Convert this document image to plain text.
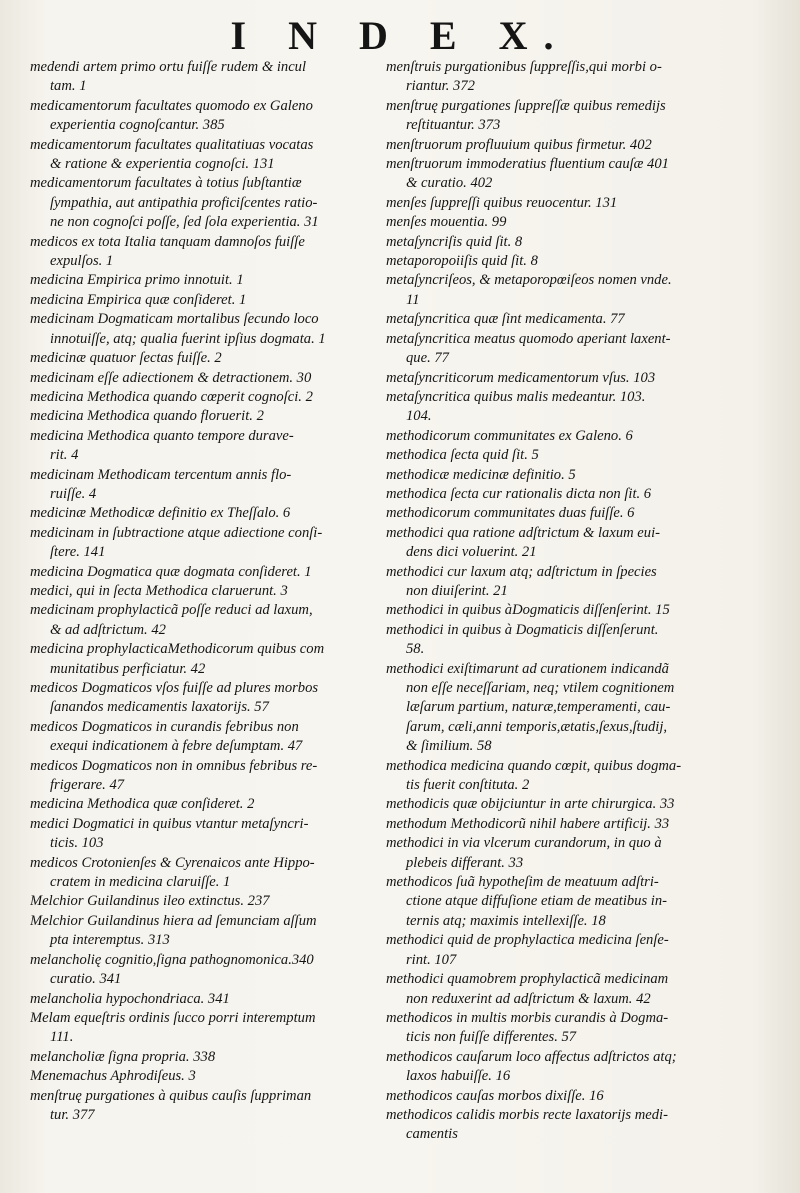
I N D E X.
medendi artem primo ortu fuiſſe rudem & incul
tam. 1
medicamentorum facultates quomodo ex Galeno
experientia cognoſcantur. 385
medicamentorum facultates qualitatiuas vocatas
& ratione & experientia cognoſci. 131
medicamentorum facultates à totius ſubſtantiæ
ſympathia, aut antipathia proficiſcentes ratio-
ne non cognoſci poſſe, ſed ſola experientia. 31
medicos ex tota Italia tanquam damnoſos fuiſſe
expulſos. 1
medicina Empirica primo innotuit. 1
medicina Empirica quæ conſideret. 1
medicinam Dogmaticam mortalibus ſecundo loco
innotuiſſe, atq; qualia fuerint ipſius dogmata. 1
medicinæ quatuor ſectas fuiſſe. 2
medicinam eſſe adiectionem & detractionem. 30
medicina Methodica quando cœperit cognoſci. 2
medicina Methodica quando floruerit. 2
medicina Methodica quanto tempore durave-
rit. 4
medicinam Methodicam tercentum annis flo-
ruiſſe. 4
medicinæ Methodicæ definitio ex Theſſalo. 6
medicinam in ſubtractione atque adiectione conſi-
ſtere. 141
medicina Dogmatica quæ dogmata conſideret. 1
medici, qui in ſecta Methodica claruerunt. 3
medicinam prophylacticã poſſe reduci ad laxum,
& ad adſtrictum. 42
medicina prophylacticaMethodicorum quibus com
munitatibus perficiatur. 42
medicos Dogmaticos vſos fuiſſe ad plures morbos
ſanandos medicamentis laxatorijs. 57
medicos Dogmaticos in curandis febribus non
exequi indicationem à febre deſumptam. 47
medicos Dogmaticos non in omnibus febribus re-
frigerare. 47
medicina Methodica quæ conſideret. 2
medici Dogmatici in quibus vtantur metaſyncri-
ticis. 103
medicos Crotonienſes & Cyrenaicos ante Hippo-
cratem in medicina claruiſſe. 1
Melchior Guilandinus ileo extinctus. 237
Melchior Guilandinus hiera ad ſemunciam aſſum
pta interemptus. 313
melancholię cognitio,ſigna pathognomonica.340
curatio. 341
melancholia hypochondriaca. 341
Melam equeſtris ordinis ſucco porri interemptum
111.
melancholiæ ſigna propria. 338
Menemachus Aphrodiſeus. 3
menſtruę purgationes à quibus cauſis ſuppriman
tur. 377
menſtruis purgationibus ſuppreſſis,qui morbi o-
riantur. 372
menſtruę purgationes ſuppreſſæ quibus remedijs
reſtituantur. 373
menſtruorum profluuium quibus firmetur. 402
menſtruorum immoderatius fluentium cauſæ 401
& curatio. 402
menſes ſuppreſſi quibus reuocentur. 131
menſes mouentia. 99
metaſyncriſis quid ſit. 8
metaporopoiiſis quid ſit. 8
metaſyncriſeos, & metaporopœiſeos nomen vnde.
11
metaſyncritica quæ ſint medicamenta. 77
metaſyncritica meatus quomodo aperiant laxent-
que. 77
metaſyncriticorum medicamentorum vſus. 103
metaſyncritica quibus malis medeantur. 103.
104.
methodicorum communitates ex Galeno. 6
methodica ſecta quid ſit. 5
methodicæ medicinæ definitio. 5
methodica ſecta cur rationalis dicta non ſit. 6
methodicorum communitates duas fuiſſe. 6
methodici qua ratione adſtrictum & laxum eui-
dens dici voluerint. 21
methodici cur laxum atq; adſtrictum in ſpecies
non diuiſerint. 21
methodici in quibus àDogmaticis diſſenſerint. 15
methodici in quibus à Dogmaticis diſſenſerunt.
58.
methodici exiſtimarunt ad curationem indicandã
non eſſe neceſſariam, neq; vtilem cognitionem
læſarum partium, naturæ,temperamenti, cau-
ſarum, cæli,anni temporis,ætatis,ſexus,ſtudij,
& ſimilium. 58
methodica medicina quando cœpit, quibus dogma-
tis fuerit conſtituta. 2
methodicis quæ obijciuntur in arte chirurgica. 33
methodum Methodicorũ nihil habere artificij. 33
methodici in via vlcerum curandorum, in quo à
plebeis differant. 33
methodicos ſuã hypotheſim de meatuum adſtri-
ctione atque diffuſione etiam de meatibus in-
ternis atq; maximis intellexiſſe. 18
methodici quid de prophylactica medicina ſenſe-
rint. 107
methodici quamobrem prophylacticã medicinam
non reduxerint ad adſtrictum & laxum. 42
methodicos in multis morbis curandis à Dogma-
ticis non fuiſſe differentes. 57
methodicos cauſarum loco affectus adſtrictos atq;
laxos habuiſſe. 16
methodicos cauſas morbos dixiſſe. 16
methodicos calidis morbis recte laxatorijs medi-
camentis
